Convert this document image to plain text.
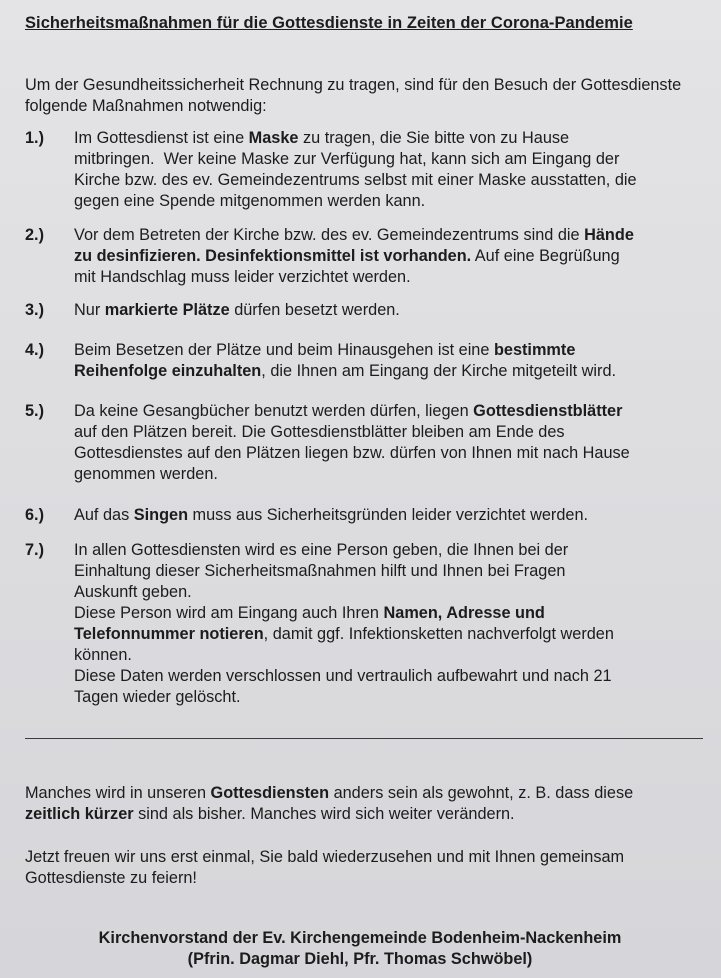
Sicherheitsmaßnahmen für die Gottesdienste in Zeiten der Corona-Pandemie
Um der Gesundheitssicherheit Rechnung zu tragen, sind für den Besuch der Gottesdienste folgende Maßnahmen notwendig:
1.)	Im Gottesdienst ist eine Maske zu tragen, die Sie bitte von zu Hause
mitbringen.  Wer keine Maske zur Verfügung hat, kann sich am Eingang der
Kirche bzw. des ev. Gemeindezentrums selbst mit einer Maske ausstatten, die
gegen eine Spende mitgenommen werden kann.
2.)	Vor dem Betreten der Kirche bzw. des ev. Gemeindezentrums sind die Hände
zu desinfizieren. Desinfektionsmittel ist vorhanden. Auf eine Begrüßung
mit Handschlag muss leider verzichtet werden.
3.)	Nur markierte Plätze dürfen besetzt werden.
4.)	Beim Besetzen der Plätze und beim Hinausgehen ist eine bestimmte
Reihenfolge einzuhalten, die Ihnen am Eingang der Kirche mitgeteilt wird.
5.)	Da keine Gesangbücher benutzt werden dürfen, liegen Gottesdienstblätter
auf den Plätzen bereit. Die Gottesdienstblätter bleiben am Ende des
Gottesdienstes auf den Plätzen liegen bzw. dürfen von Ihnen mit nach Hause
genommen werden.
6.)	Auf das Singen muss aus Sicherheitsgründen leider verzichtet werden.
7.)	In allen Gottesdiensten wird es eine Person geben, die Ihnen bei der
Einhaltung dieser Sicherheitsmaßnahmen hilft und Ihnen bei Fragen
Auskunft geben.
Diese Person wird am Eingang auch Ihren Namen, Adresse und
Telefonnummer notieren, damit ggf. Infektionsketten nachverfolgt werden
können.
Diese Daten werden verschlossen und vertraulich aufbewahrt und nach 21
Tagen wieder gelöscht.
Manches wird in unseren Gottesdiensten anders sein als gewohnt, z. B. dass diese
zeitlich kürzer sind als bisher. Manches wird sich weiter verändern.
Jetzt freuen wir uns erst einmal, Sie bald wiederzusehen und mit Ihnen gemeinsam
Gottesdienste zu feiern!
Kirchenvorstand der Ev. Kirchengemeinde Bodenheim-Nackenheim
(Pfrin. Dagmar Diehl, Pfr. Thomas Schwöbel)
